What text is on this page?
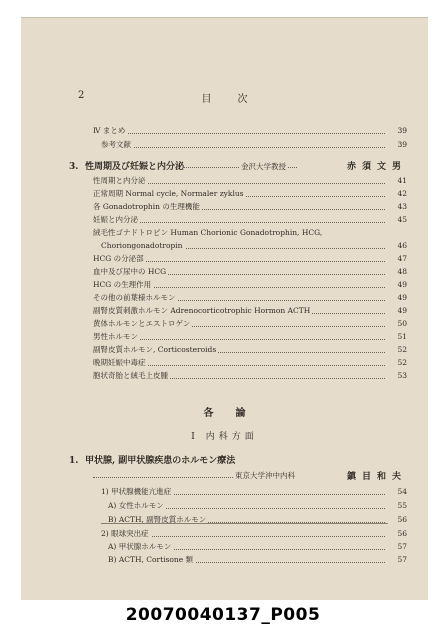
2	目次
Ⅳ まとめ	39
参考文献	39
3. 性周期及び妊娠と内分泌	金沢大学教授	赤須文男
性周期と内分泌	41
正常周期 Normal cycle, Normaler zyklus	42
各 Gonadotrophin の生理機能	43
妊娠と内分泌	45
絨毛性ゴナドトロピン Human Chorionic Gonadotrophin, HCG,
Choriongonadotropin	46
HCG の分泌部	47
血中及び尿中の HCG	48
HCG の生理作用	49
その他の前葉様ホルモン	49
副腎皮質刺激ホルモン Adrenocorticotrophic Hormon ACTH	49
黄体ホルモンとエストロゲン	50
男性ホルモン	51
副腎皮質ホルモン, Corticosteroids	52
晩期妊娠中毒症	52
胞状奇胎と絨毛上皮腫	53
各論
I 内科方面
1. 甲状腺, 副甲状腺疾患のホルモン療法
東京大学沖中内科	鎮目和夫
1) 甲状腺機能亢進症	54
A) 女性ホルモン	55
B) ACTH, 副腎皮質ホルモン	56
2) 眼球突出症	56
A) 甲状腺ホルモン	57
B) ACTH, Cortisone 類	57
20070040137_P005
